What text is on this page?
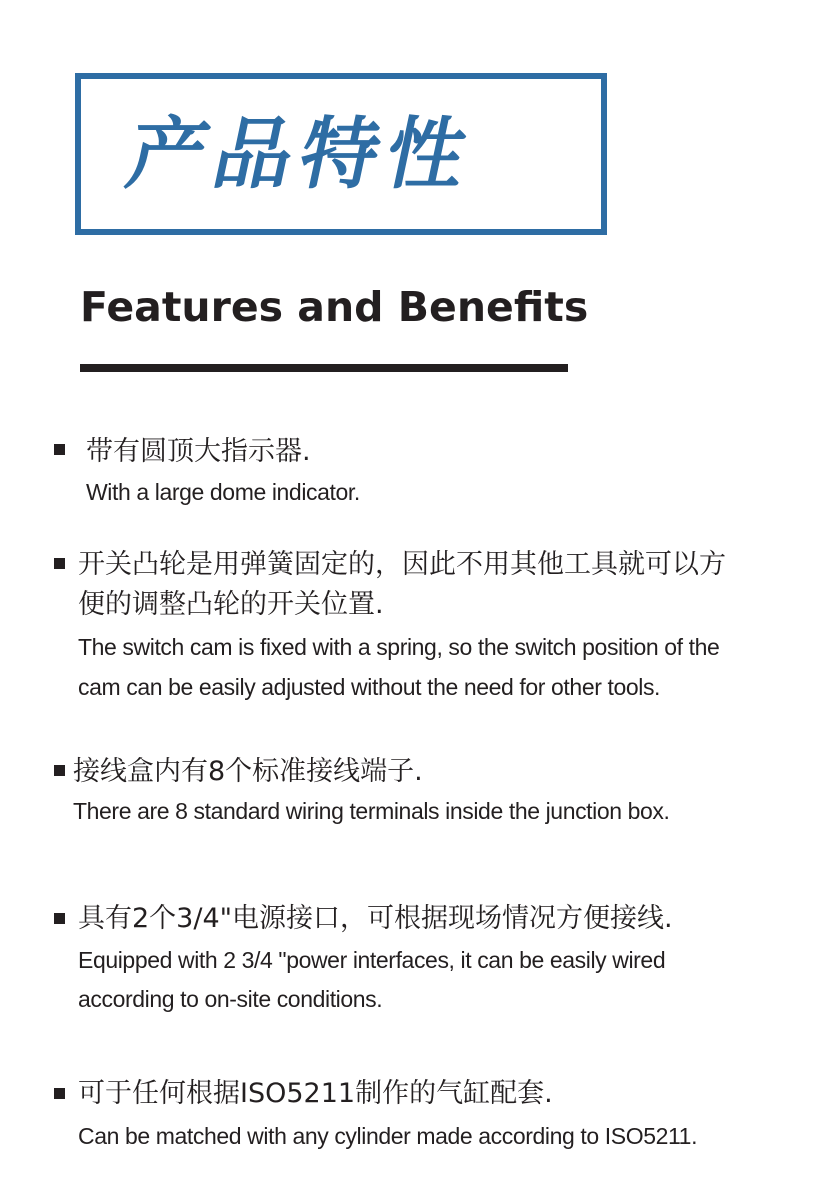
产品特性
Features and Benefits
带有圆顶大指示器.
With a large dome indicator.
开关凸轮是用弹簧固定的，因此不用其他工具就可以方
便的调整凸轮的开关位置.
The switch cam is fixed with a spring, so the switch position of the
cam can be easily adjusted without the need for other tools.
接线盒内有8个标准接线端子.
There are 8 standard wiring terminals inside the junction box.
具有2个3/4"电源接口，可根据现场情况方便接线.
Equipped with 2 3/4 "power interfaces, it can be easily wired
according to on-site conditions.
可于任何根据ISO5211制作的气缸配套.
Can be matched with any cylinder made according to ISO5211.
